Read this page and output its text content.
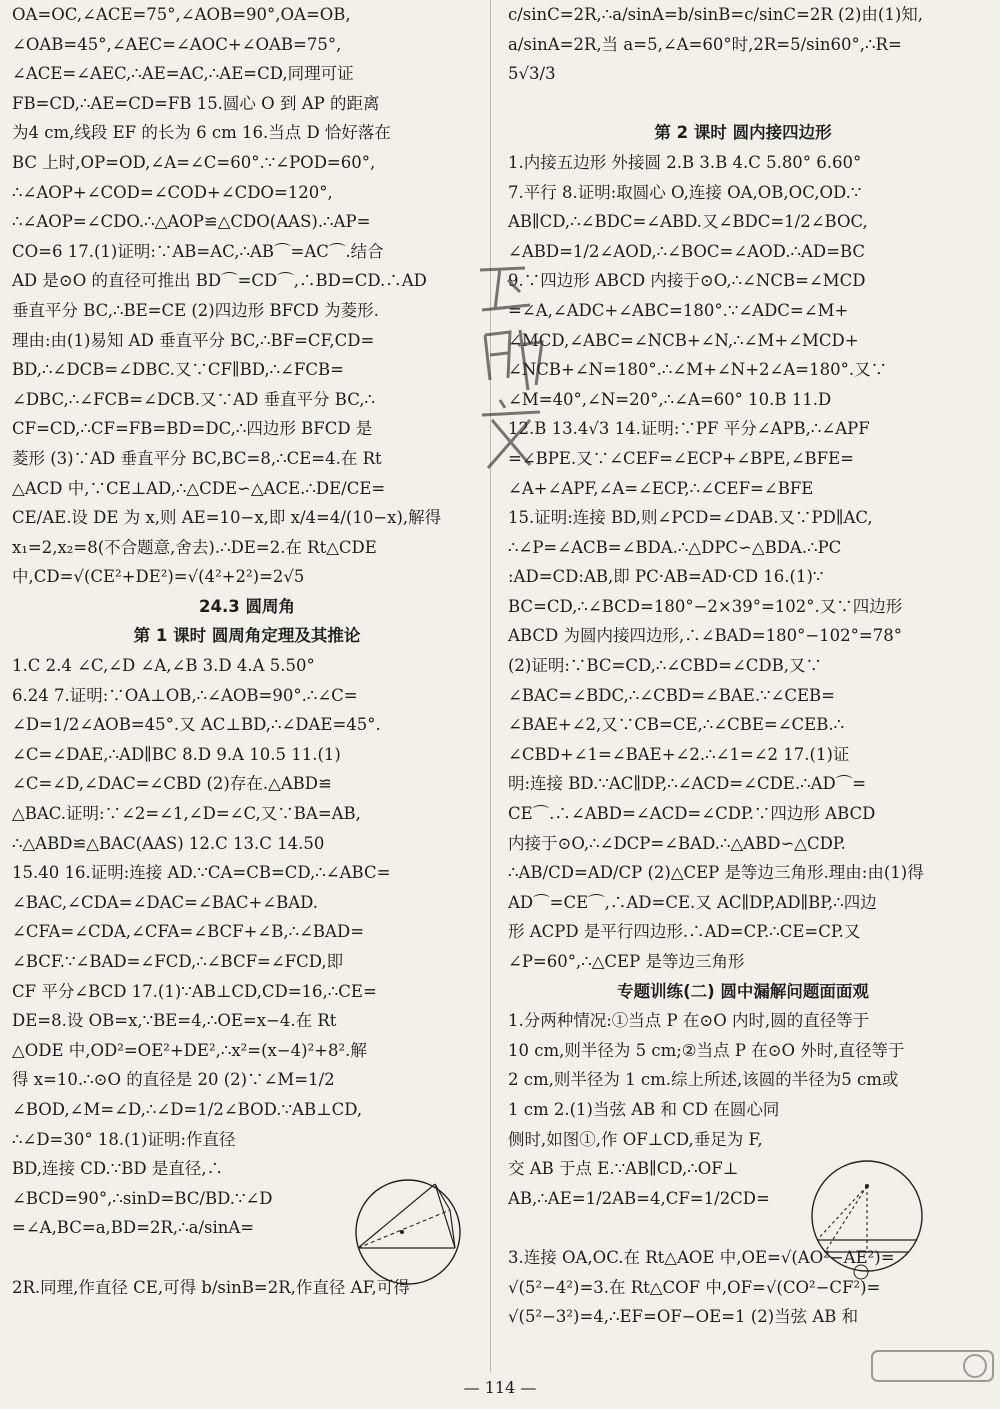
OA=OC,∠ACE=75°,∠AOB=90°,OA=OB,
∠OAB=45°,∠AEC=∠AOC+∠OAB=75°,
∠ACE=∠AEC,∴AE=AC,∴AE=CD,同理可证
FB=CD,∴AE=CD=FB 15.圆心 O 到 AP 的距离
为4 cm,线段 EF 的长为 6 cm 16.当点 D 恰好落在
BC 上时,OP=OD,∠A=∠C=60°.∵∠POD=60°,
∴∠AOP+∠COD=∠COD+∠CDO=120°,
∴∠AOP=∠CDO.∴△AOP≌△CDO(AAS).∴AP=
CO=6 17.(1)证明:∵AB=AC,∴AB⌒=AC⌒.结合
AD 是⊙O 的直径可推出 BD⌒=CD⌒,∴BD=CD.∴AD
垂直平分 BC,∴BE=CE (2)四边形 BFCD 为菱形.
理由:由(1)易知 AD 垂直平分 BC,∴BF=CF,CD=
BD,∴∠DCB=∠DBC.又∵CF∥BD,∴∠FCB=
∠DBC,∴∠FCB=∠DCB.又∵AD 垂直平分 BC,∴
CF=CD,∴CF=FB=BD=DC,∴四边形 BFCD 是
菱形 (3)∵AD 垂直平分 BC,BC=8,∴CE=4.在 Rt
△ACD 中,∵CE⊥AD,∴△CDE∽△ACE.∴DE/CE=
CE/AE.设 DE 为 x,则 AE=10−x,即 x/4=4/(10−x),解得
x₁=2,x₂=8(不合题意,舍去).∴DE=2.在 Rt△CDE
中,CD=√(CE²+DE²)=√(4²+2²)=2√5
24.3 圆周角
第 1 课时 圆周角定理及其推论
1.C 2.4 ∠C,∠D ∠A,∠B 3.D 4.A 5.50°
6.24 7.证明:∵OA⊥OB,∴∠AOB=90°.∴∠C=
∠D=1/2∠AOB=45°.又 AC⊥BD,∴∠DAE=45°.
∠C=∠DAE,∴AD∥BC 8.D 9.A 10.5 11.(1)
∠C=∠D,∠DAC=∠CBD (2)存在.△ABD≌
△BAC.证明:∵∠2=∠1,∠D=∠C,又∵BA=AB,
∴△ABD≌△BAC(AAS) 12.C 13.C 14.50
15.40 16.证明:连接 AD.∵CA=CB=CD,∴∠ABC=
∠BAC,∠CDA=∠DAC=∠BAC+∠BAD.
∠CFA=∠CDA,∠CFA=∠BCF+∠B,∴∠BAD=
∠BCF.∵∠BAD=∠FCD,∴∠BCF=∠FCD,即
CF 平分∠BCD 17.(1)∵AB⊥CD,CD=16,∴CE=
DE=8.设 OB=x,∵BE=4,∴OE=x−4.在 Rt
△ODE 中,OD²=OE²+DE²,∴x²=(x−4)²+8².解
得 x=10.∴⊙O 的直径是 20 (2)∵∠M=1/2
∠BOD,∠M=∠D,∴∠D=1/2∠BOD.∵AB⊥CD,
∴∠D=30° 18.(1)证明:作直径
BD,连接 CD.∵BD 是直径,∴
∠BCD=90°,∴sinD=BC/BD.∵∠D
=∠A,BC=a,BD=2R,∴a/sinA=

2R.同理,作直径 CE,可得 b/sinB=2R,作直径 AF,可得
c/sinC=2R,∴a/sinA=b/sinB=c/sinC=2R (2)由(1)知,
a/sinA=2R,当 a=5,∠A=60°时,2R=5/sin60°,∴R=
5√3/3

第 2 课时 圆内接四边形
1.内接五边形 外接圆 2.B 3.B 4.C 5.80° 6.60°
7.平行 8.证明:取圆心 O,连接 OA,OB,OC,OD.∵
AB∥CD,∴∠BDC=∠ABD.又∠BDC=1/2∠BOC,
∠ABD=1/2∠AOD,∴∠BOC=∠AOD.∴AD=BC
9.∵四边形 ABCD 内接于⊙O,∴∠NCB=∠MCD
=∠A,∠ADC+∠ABC=180°.∵∠ADC=∠M+
∠MCD,∠ABC=∠NCB+∠N,∴∠M+∠MCD+
∠NCB+∠N=180°.∴∠M+∠N+2∠A=180°.又∵
∠M=40°,∠N=20°,∴∠A=60° 10.B 11.D
12.B 13.4√3 14.证明:∵PF 平分∠APB,∴∠APF
=∠BPE.又∵∠CEF=∠ECP+∠BPE,∠BFE=
∠A+∠APF,∠A=∠ECP,∴∠CEF=∠BFE
15.证明:连接 BD,则∠PCD=∠DAB.又∵PD∥AC,
∴∠P=∠ACB=∠BDA.∴△DPC∽△BDA.∴PC
:AD=CD:AB,即 PC·AB=AD·CD 16.(1)∵
BC=CD,∴∠BCD=180°−2×39°=102°.又∵四边形
ABCD 为圆内接四边形,∴∠BAD=180°−102°=78°
(2)证明:∵BC=CD,∴∠CBD=∠CDB,又∵
∠BAC=∠BDC,∴∠CBD=∠BAE.∵∠CEB=
∠BAE+∠2,又∵CB=CE,∴∠CBE=∠CEB.∴
∠CBD+∠1=∠BAE+∠2.∴∠1=∠2 17.(1)证
明:连接 BD.∵AC∥DP,∴∠ACD=∠CDE.∴AD⌒=
CE⌒.∴∠ABD=∠ACD=∠CDP.∵四边形 ABCD
内接于⊙O,∴∠DCP=∠BAD.∴△ABD∽△CDP.
∴AB/CD=AD/CP (2)△CEP 是等边三角形.理由:由(1)得
AD⌒=CE⌒,∴AD=CE.又 AC∥DP,AD∥BP,∴四边
形 ACPD 是平行四边形.∴AD=CP.∴CE=CP.又
∠P=60°,∴△CEP 是等边三角形
专题训练(二) 圆中漏解问题面面观
1.分两种情况:①当点 P 在⊙O 内时,圆的直径等于
10 cm,则半径为 5 cm;②当点 P 在⊙O 外时,直径等于
2 cm,则半径为 1 cm.综上所述,该圆的半径为5 cm或
1 cm 2.(1)当弦 AB 和 CD 在圆心同
侧时,如图①,作 OF⊥CD,垂足为 F,
交 AB 于点 E.∵AB∥CD,∴OF⊥
AB,∴AE=1/2AB=4,CF=1/2CD=

3.连接 OA,OC.在 Rt△AOE 中,OE=√(AO²−AE²)=
√(5²−4²)=3.在 Rt△COF 中,OF=√(CO²−CF²)=
√(5²−3²)=4,∴EF=OF−OE=1 (2)当弦 AB 和
— 114 —
